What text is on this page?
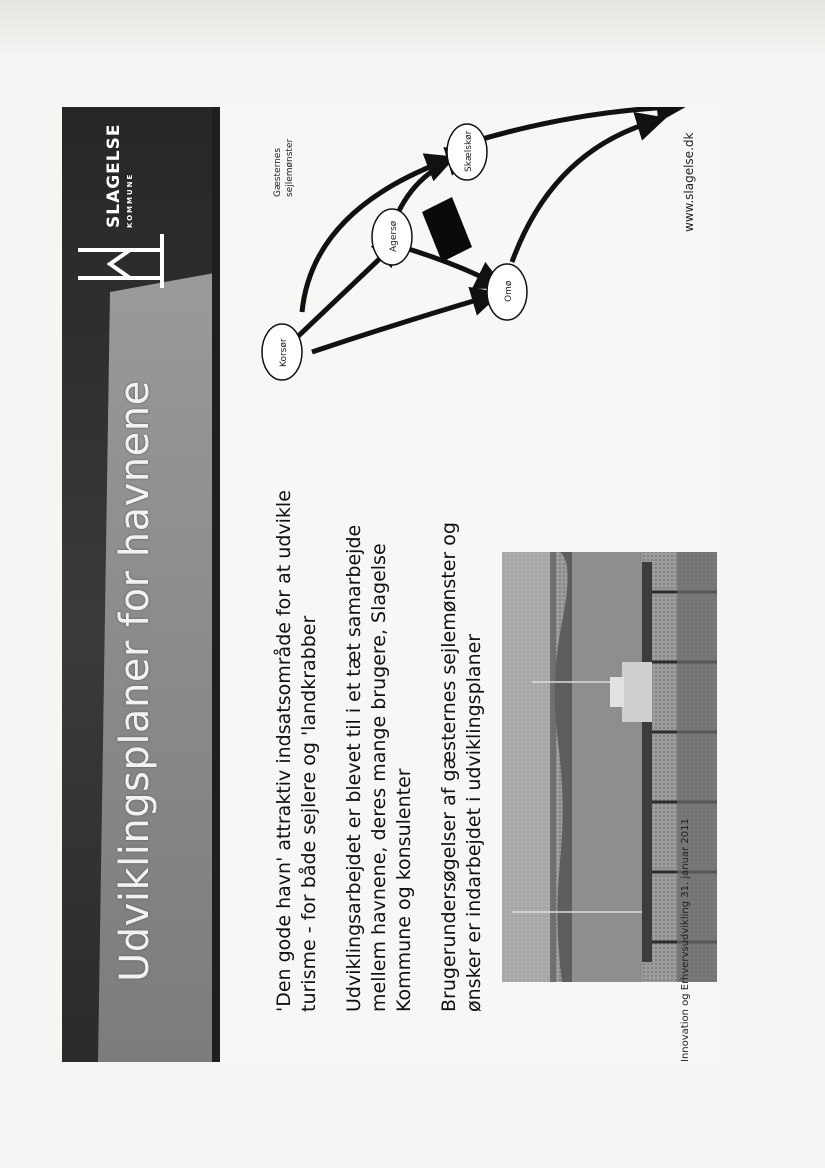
Udviklingsplaner for havnene
SLAGELSE KOMMUNE

'Den gode havn' attraktiv indsatsområde for at udvikle turisme - for både sejlere og 'landkrabber Udviklingsarbejdet er blevet til i et tæt samarbejde mellem havnene, deres mange brugere, Slagelse Kommune og konsulenter Brugerundersøgelser af gæsternes sejlemønster og ønsker er indarbejdet i udviklingsplaner

Gæsternes sejlemønster
Korsør
Agersø
Skælskør
Omø
Innovation og Erhvervsudvikling 31. januar 2011
www.slagelse.dk
